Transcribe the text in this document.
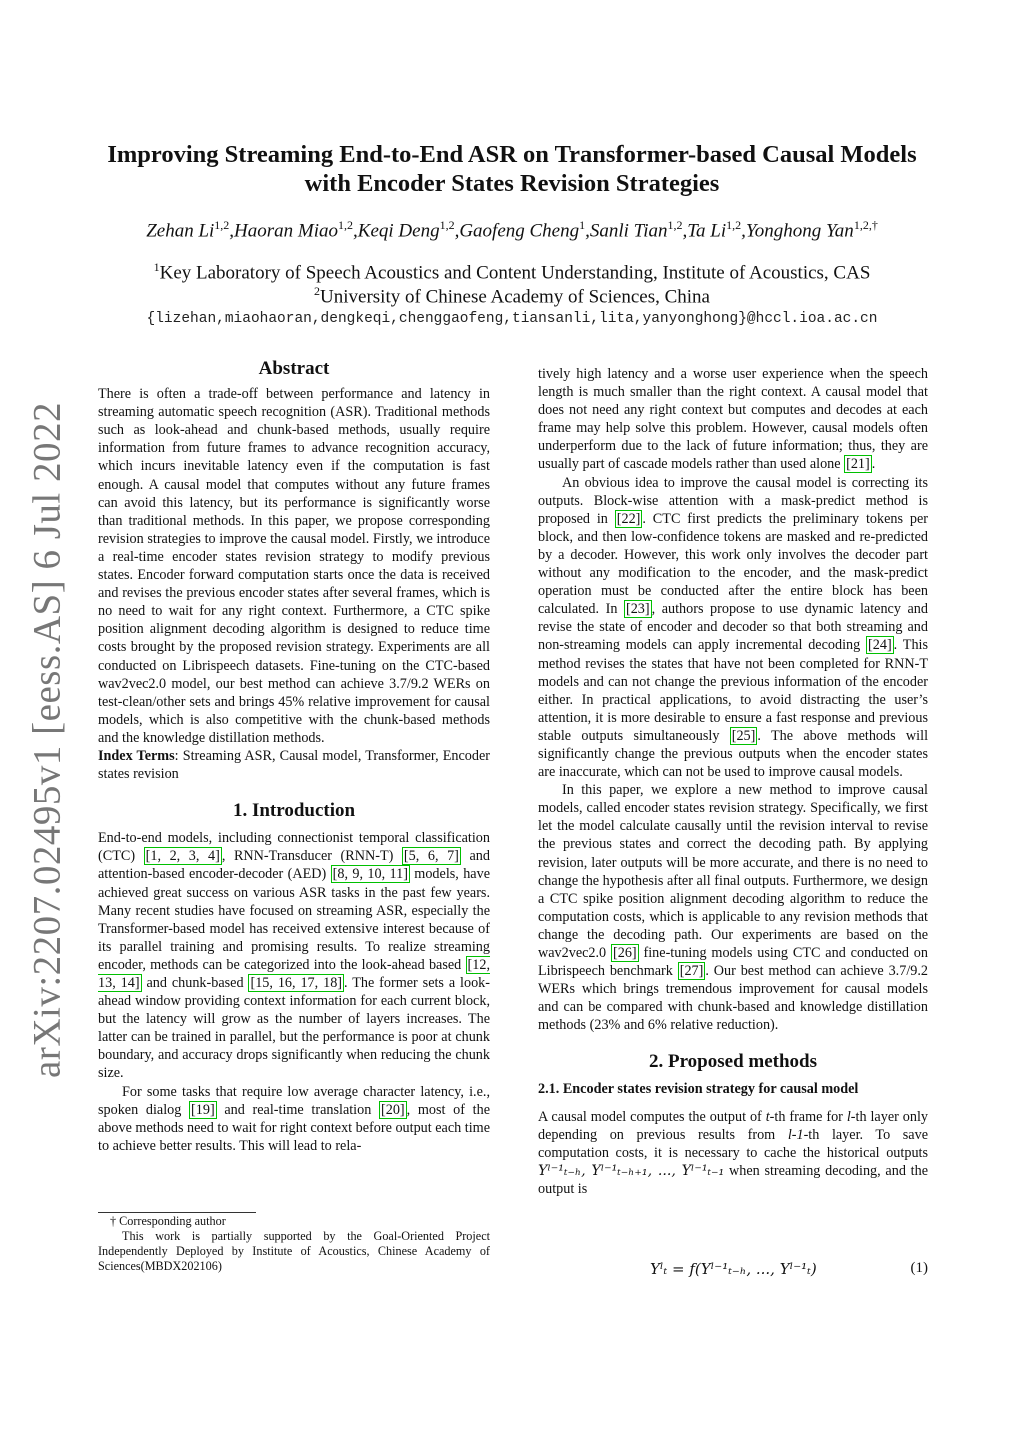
arXiv:2207.02495v1 [eess.AS] 6 Jul 2022
Improving Streaming End-to-End ASR on Transformer-based Causal Models
with Encoder States Revision Strategies
Zehan Li$^{1,2}$,Haoran Miao$^{1,2}$,Keqi Deng$^{1,2}$,Gaofeng Cheng$^1$,Sanli Tian$^{1,2}$,Ta Li$^{1,2}$,Yonghong Yan$^{1,2,\dagger}$
$^1$Key Laboratory of Speech Acoustics and Content Understanding, Institute of Acoustics, CAS
$^2$University of Chinese Academy of Sciences, China
{lizehan,miaohaoran,dengkeqi,chenggaofeng,tiansanli,lita,yanyonghong}@hccl.ioa.ac.cn
Abstract

There is often a trade-off between performance and latency in streaming automatic speech recognition (ASR). Traditional methods such as look-ahead and chunk-based methods, usually require information from future frames to advance recognition accuracy, which incurs inevitable latency even if the computation is fast enough. A causal model that computes without any future frames can avoid this latency, but its performance is significantly worse than traditional methods. In this paper, we propose corresponding revision strategies to improve the causal model. Firstly, we introduce a real-time encoder states revision strategy to modify previous states. Encoder forward computation starts once the data is received and revises the previous encoder states after several frames, which is no need to wait for any right context. Furthermore, a CTC spike position alignment decoding algorithm is designed to reduce time costs brought by the proposed revision strategy. Experiments are all conducted on Librispeech datasets. Fine-tuning on the CTC-based wav2vec2.0 model, our best method can achieve 3.7/9.2 WERs on test-clean/other sets and brings 45% relative improvement for causal models, which is also competitive with the chunk-based methods and the knowledge distillation methods.

Index Terms: Streaming ASR, Causal model, Transformer, Encoder states revision

1. Introduction

End-to-end models, including connectionist temporal classification (CTC) [1, 2, 3, 4] , RNN-Transducer (RNN-T) [5, 6, 7] and attention-based encoder-decoder (AED) [8, 9, 10, 11] models, have achieved great success on various ASR tasks in the past few years. Many recent studies have focused on streaming ASR, especially the Transformer-based model has received extensive interest because of its parallel training and promising results. To realize streaming encoder, methods can be categorized into the look-ahead based [12, 13, 14] and chunk-based [15, 16, 17, 18] . The former sets a look-ahead window providing context information for each current block, but the latency will grow as the number of layers increases. The latter can be trained in parallel, but the performance is poor at chunk boundary, and accuracy drops significantly when reducing the chunk size.

For some tasks that require low average character latency, i.e., spoken dialog [19] and real-time translation [20] , most of the above methods need to wait for right context before output each time to achieve better results. This will lead to rela-

† Corresponding author
This work is partially supported by the Goal-Oriented Project Independently Deployed by Institute of Acoustics, Chinese Academy of Sciences(MBDX202106)

tively high latency and a worse user experience when the speech length is much smaller than the right context. A causal model that does not need any right context but computes and decodes at each frame may help solve this problem. However, causal models often underperform due to the lack of future information; thus, they are usually part of cascade models rather than used alone [21] .

An obvious idea to improve the causal model is correcting its outputs. Block-wise attention with a mask-predict method is proposed in [22] . CTC first predicts the preliminary tokens per block, and then low-confidence tokens are masked and re-predicted by a decoder. However, this work only involves the decoder part without any modification to the encoder, and the mask-predict operation must be conducted after the entire block has been calculated. In [23] , authors propose to use dynamic latency and revise the state of encoder and decoder so that both streaming and non-streaming models can apply incremental decoding [24] . This method revises the states that have not been completed for RNN-T models and can not change the previous information of the encoder either. In practical applications, to avoid distracting the user’s attention, it is more desirable to ensure a fast response and previous stable outputs simultaneously [25] . The above methods will significantly change the previous outputs when the encoder states are inaccurate, which can not be used to improve causal models.

In this paper, we explore a new method to improve causal models, called encoder states revision strategy. Specifically, we first let the model calculate causally until the revision interval to revise the previous states and correct the decoding path. By applying revision, later outputs will be more accurate, and there is no need to change the hypothesis after all final outputs. Furthermore, we design a CTC spike position alignment decoding algorithm to reduce the computation costs, which is applicable to any revision methods that change the decoding path. Our experiments are based on the wav2vec2.0 [26] fine-tuning models using CTC and conducted on Librispeech benchmark [27] . Our best method can achieve 3.7/9.2 WERs which brings tremendous improvement for causal models and can be compared with chunk-based and knowledge distillation methods (23% and 6% relative reduction).

2. Proposed methods
2.1. Encoder states revision strategy for causal model

A causal model computes the output of t-th frame for l-th layer only depending on previous results from l-1-th layer. To save computation costs, it is necessary to cache the historical outputs Yˡ⁻¹ₜ₋ₕ, Yˡ⁻¹ₜ₋ₕ₊₁, ..., Yˡ⁻¹ₜ₋₁ when streaming decoding, and the output is

Yˡₜ = f(Yˡ⁻¹ₜ₋ₕ, ..., Yˡ⁻¹ₜ)	(1)
